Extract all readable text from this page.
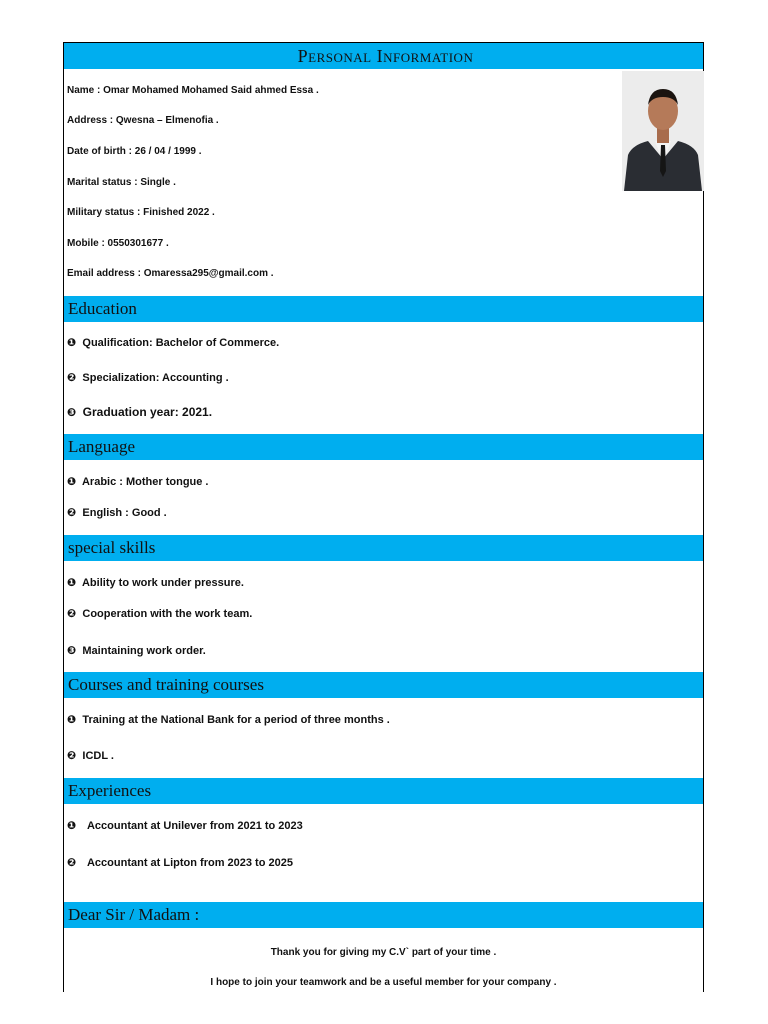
Personal Information
Name : Omar Mohamed Mohamed Said ahmed Essa .
Address : Qwesna – Elmenofia .
Date of birth : 26 / 04 / 1999 .
Marital status : Single .
Military status : Finished 2022 .
Mobile : 0550301677 .
Email address : Omaressa295@gmail.com .
Education
❶ Qualification: Bachelor of Commerce.
❷ Specialization: Accounting .
❸ Graduation year: 2021.
Language
❶ Arabic : Mother tongue .
❷ English : Good .
special skills
❶ Ability to work under pressure.
❷ Cooperation with the work team.
❸ Maintaining work order.
Courses and training courses
❶ Training at the National Bank for a period of three months .
❷ ICDL .
Experiences
❶ Accountant at Unilever from 2021 to 2023
❷ Accountant at Lipton from 2023 to 2025
Dear Sir / Madam :
Thank you for giving my C.V` part of your time .
I hope to join your teamwork and be a useful member for your company .
